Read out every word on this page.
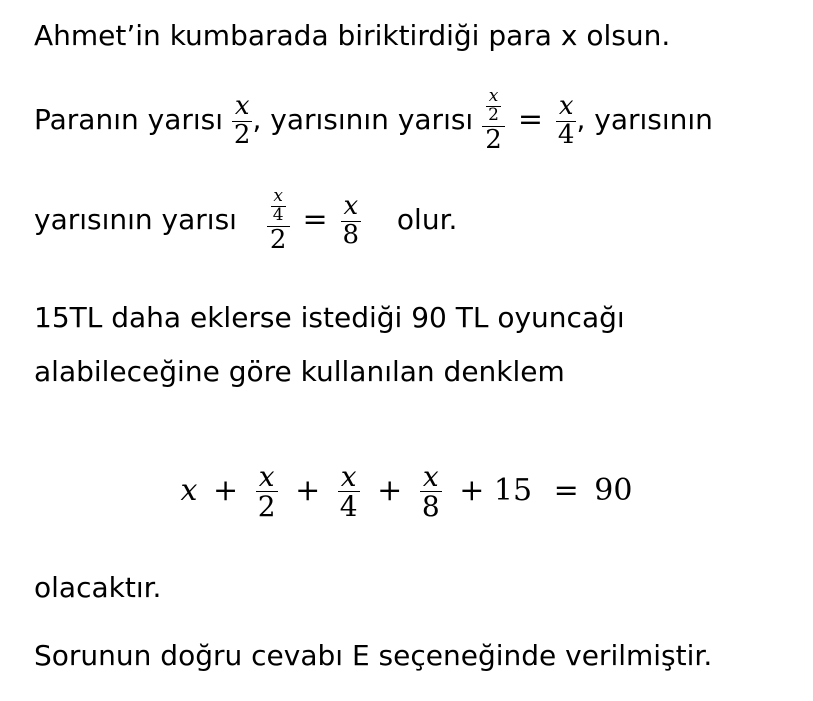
Ahmet’in kumbarada biriktirdiği para x olsun.
Paranın yarısı $\frac{x}{2}$ , yarısının yarısı $\frac{\frac{x}{2}}{2} = \frac{x}{4}$ , yarısının
yarısının yarısı $\frac{\frac{x}{4}}{2} = \frac{x}{8}$ olur.
15TL daha eklerse istediği 90 TL oyuncağı
alabileceğine göre kullanılan denklem
$x + \frac{x}{2} + \frac{x}{4} + \frac{x}{8} + 15 = 90$
olacaktır.
Sorunun doğru cevabı E seçeneğinde verilmiştir.
